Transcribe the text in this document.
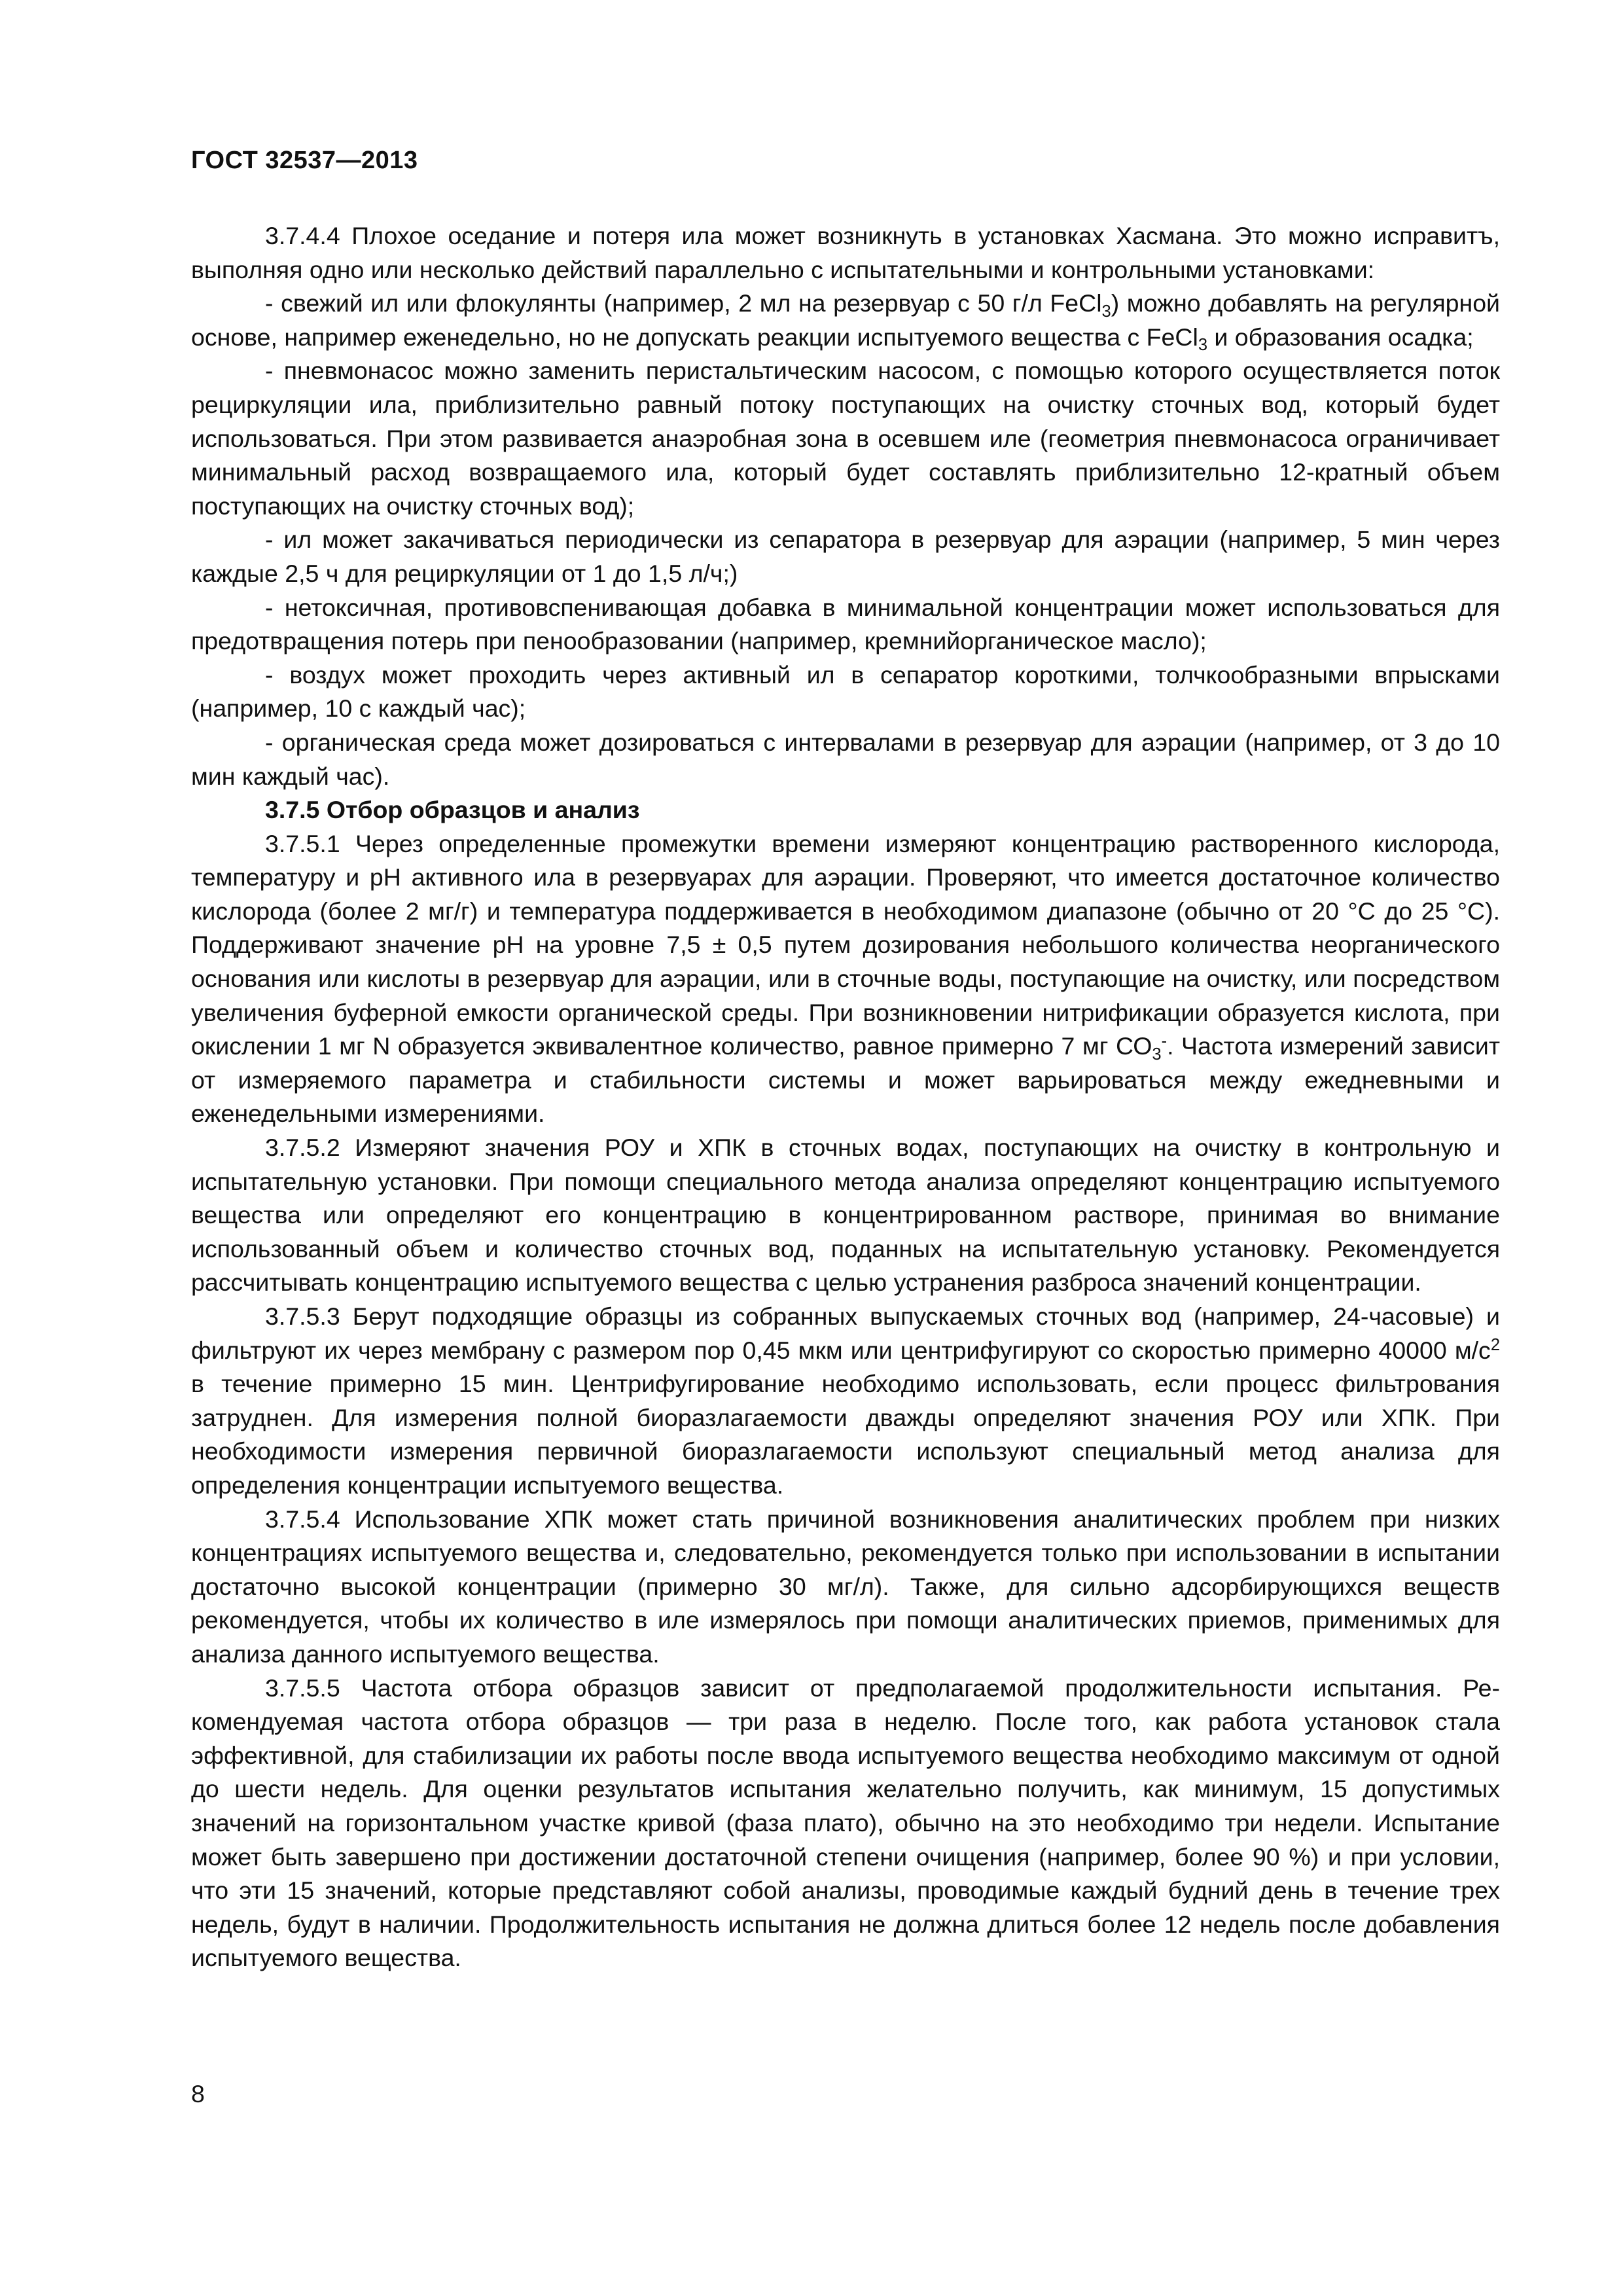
ГОСТ 32537—2013

3.7.4.4 Плохое оседание и потеря ила может возникнуть в установках Хасмана. Это можно исправитъ, выполняя одно или несколько действий параллельно с испытательными и контрольными установками:

- свежий ил или флокулянты (например, 2 мл на резервуар с 50 г/л FeCl$_3$) можно добавлять на регулярной основе, например еженедельно, но не допускать реакции испытуемого вещества с FeCl$_3$ и образования осадка;

- пневмонасос можно заменить перистальтическим насосом, с помощью которого осуществляется поток рециркуляции ила, приблизительно равный потоку поступающих на очистку сточных вод, который будет использоваться. При этом развивается анаэробная зона в осевшем иле (геометрия пневмонасоса ограничивает минимальный расход возвращаемого ила, который будет составлять приблизительно 12-кратный объем поступающих на очистку сточных вод);

- ил может закачиваться периодически из сепаратора в резервуар для аэрации (например, 5 мин через каждые 2,5 ч для рециркуляции от 1 до 1,5 л/ч;)

- нетоксичная, противовспенивающая добавка в минимальной концентрации может использоваться для предотвращения потерь при пенообразовании (например, кремнийорганическое масло);

- воздух может проходить через активный ил в сепаратор короткими, толчкообразными впрысками (например, 10 с каждый час);

- органическая среда может дозироваться с интервалами в резервуар для аэрации (например, от 3 до 10 мин каждый час).

3.7.5 Отбор образцов и анализ

3.7.5.1 Через определенные промежутки времени измеряют концентрацию растворенного кислорода, температуру и pH активного ила в резервуарах для аэрации. Проверяют, что имеется достаточное количество кислорода (более 2 мг/г) и температура поддерживается в необходимом диапазоне (обычно от 20 °С до 25 °С). Поддерживают значение pH на уровне 7,5 ± 0,5 путем дозирования небольшого количества неорганического основания или кислоты в резервуар для аэрации, или в сточные воды, поступающие на очистку, или посредством увеличения буферной емкости органической среды. При возникновении нитрификации образуется кислота, при окислении 1 мг N образуется эквивалентное количество, равное примерно 7 мг $СО_3^-$. Частота измерений зависит от измеряемого параметра и стабильности системы и может варьироваться между ежедневными и еженедельными измерениями.

3.7.5.2 Измеряют значения РОУ и ХПК в сточных водах, поступающих на очистку в контрольную и испытательную установки. При помощи специального метода анализа определяют концентрацию испытуемого вещества или определяют его концентрацию в концентрированном растворе, принимая во внимание использованный объем и количество сточных вод, поданных на испытательную установку. Рекомендуется рассчитывать концентрацию испытуемого вещества с целью устранения разброса значений концентрации.

3.7.5.3 Берут подходящие образцы из собранных выпускаемых сточных вод (например, 24-часовые) и фильтруют их через мембрану с размером пор 0,45 мкм или центрифугируют со скоростью примерно 40000 $м/с^2$ в течение примерно 15 мин. Центрифугирование необходимо использовать, если процесс фильтрования затруднен. Для измерения полной биоразлагаемости дважды определяют значения РОУ или ХПК. При необходимости измерения первичной биоразлагаемости используют специальный метод анализа для определения концентрации испытуемого вещества.

3.7.5.4 Использование ХПК может стать причиной возникновения аналитических проблем при низких концентрациях испытуемого вещества и, следовательно, рекомендуется только при использовании в испытании достаточно высокой концентрации (примерно 30 мг/л). Также, для сильно адсорбирующихся веществ рекомендуется, чтобы их количество в иле измерялось при помощи аналитических приемов, применимых для анализа данного испытуемого вещества.

3.7.5.5 Частота отбора образцов зависит от предполагаемой продолжительности испытания. Рекомендуемая частота отбора образцов — три раза в неделю. После того, как работа установок стала эффективной, для стабилизации их работы после ввода испытуемого вещества необходимо максимум от одной до шести недель. Для оценки результатов испытания желательно получить, как минимум, 15 допустимых значений на горизонтальном участке кривой (фаза плато), обычно на это необходимо три недели. Испытание может быть завершено при достижении достаточной степени очищения (например, более 90 %) и при условии, что эти 15 значений, которые представляют собой анализы, проводимые каждый будний день в течение трех недель, будут в наличии. Продолжительность испытания не должна длиться более 12 недель после добавления испытуемого вещества.

8
